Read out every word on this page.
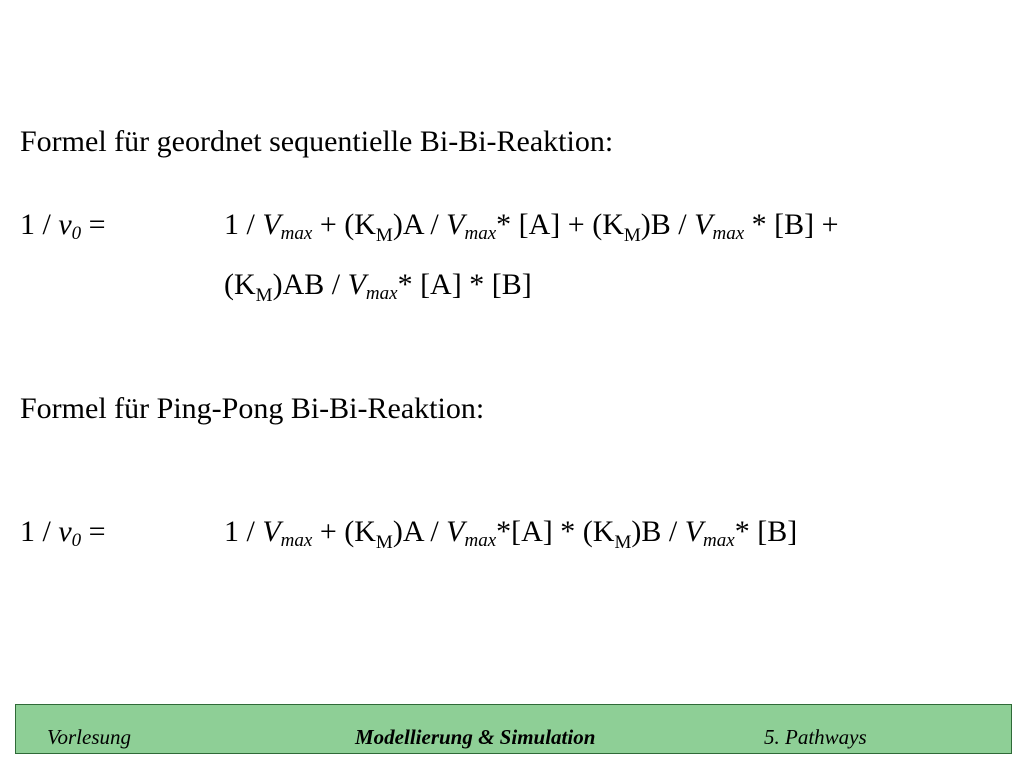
Formel für geordnet sequentielle Bi-Bi-Reaktion:
$1 / v_0$ =	$1 / V_{max} + (K_M)A / V_{max}*$ $[A] + (K_M)B / V_{max} * [B]$ +
$(K_M)AB / V_{max}*$ [A] * [B]
Formel für Ping-Pong Bi-Bi-Reaktion:
$1 / v_0$ =	$1 / V_{max} + (K_M)A / V_{max}*[A] * (K_M)B / V_{max}*$ [B]
Vorlesung	Modellierung & Simulation	5. Pathways
